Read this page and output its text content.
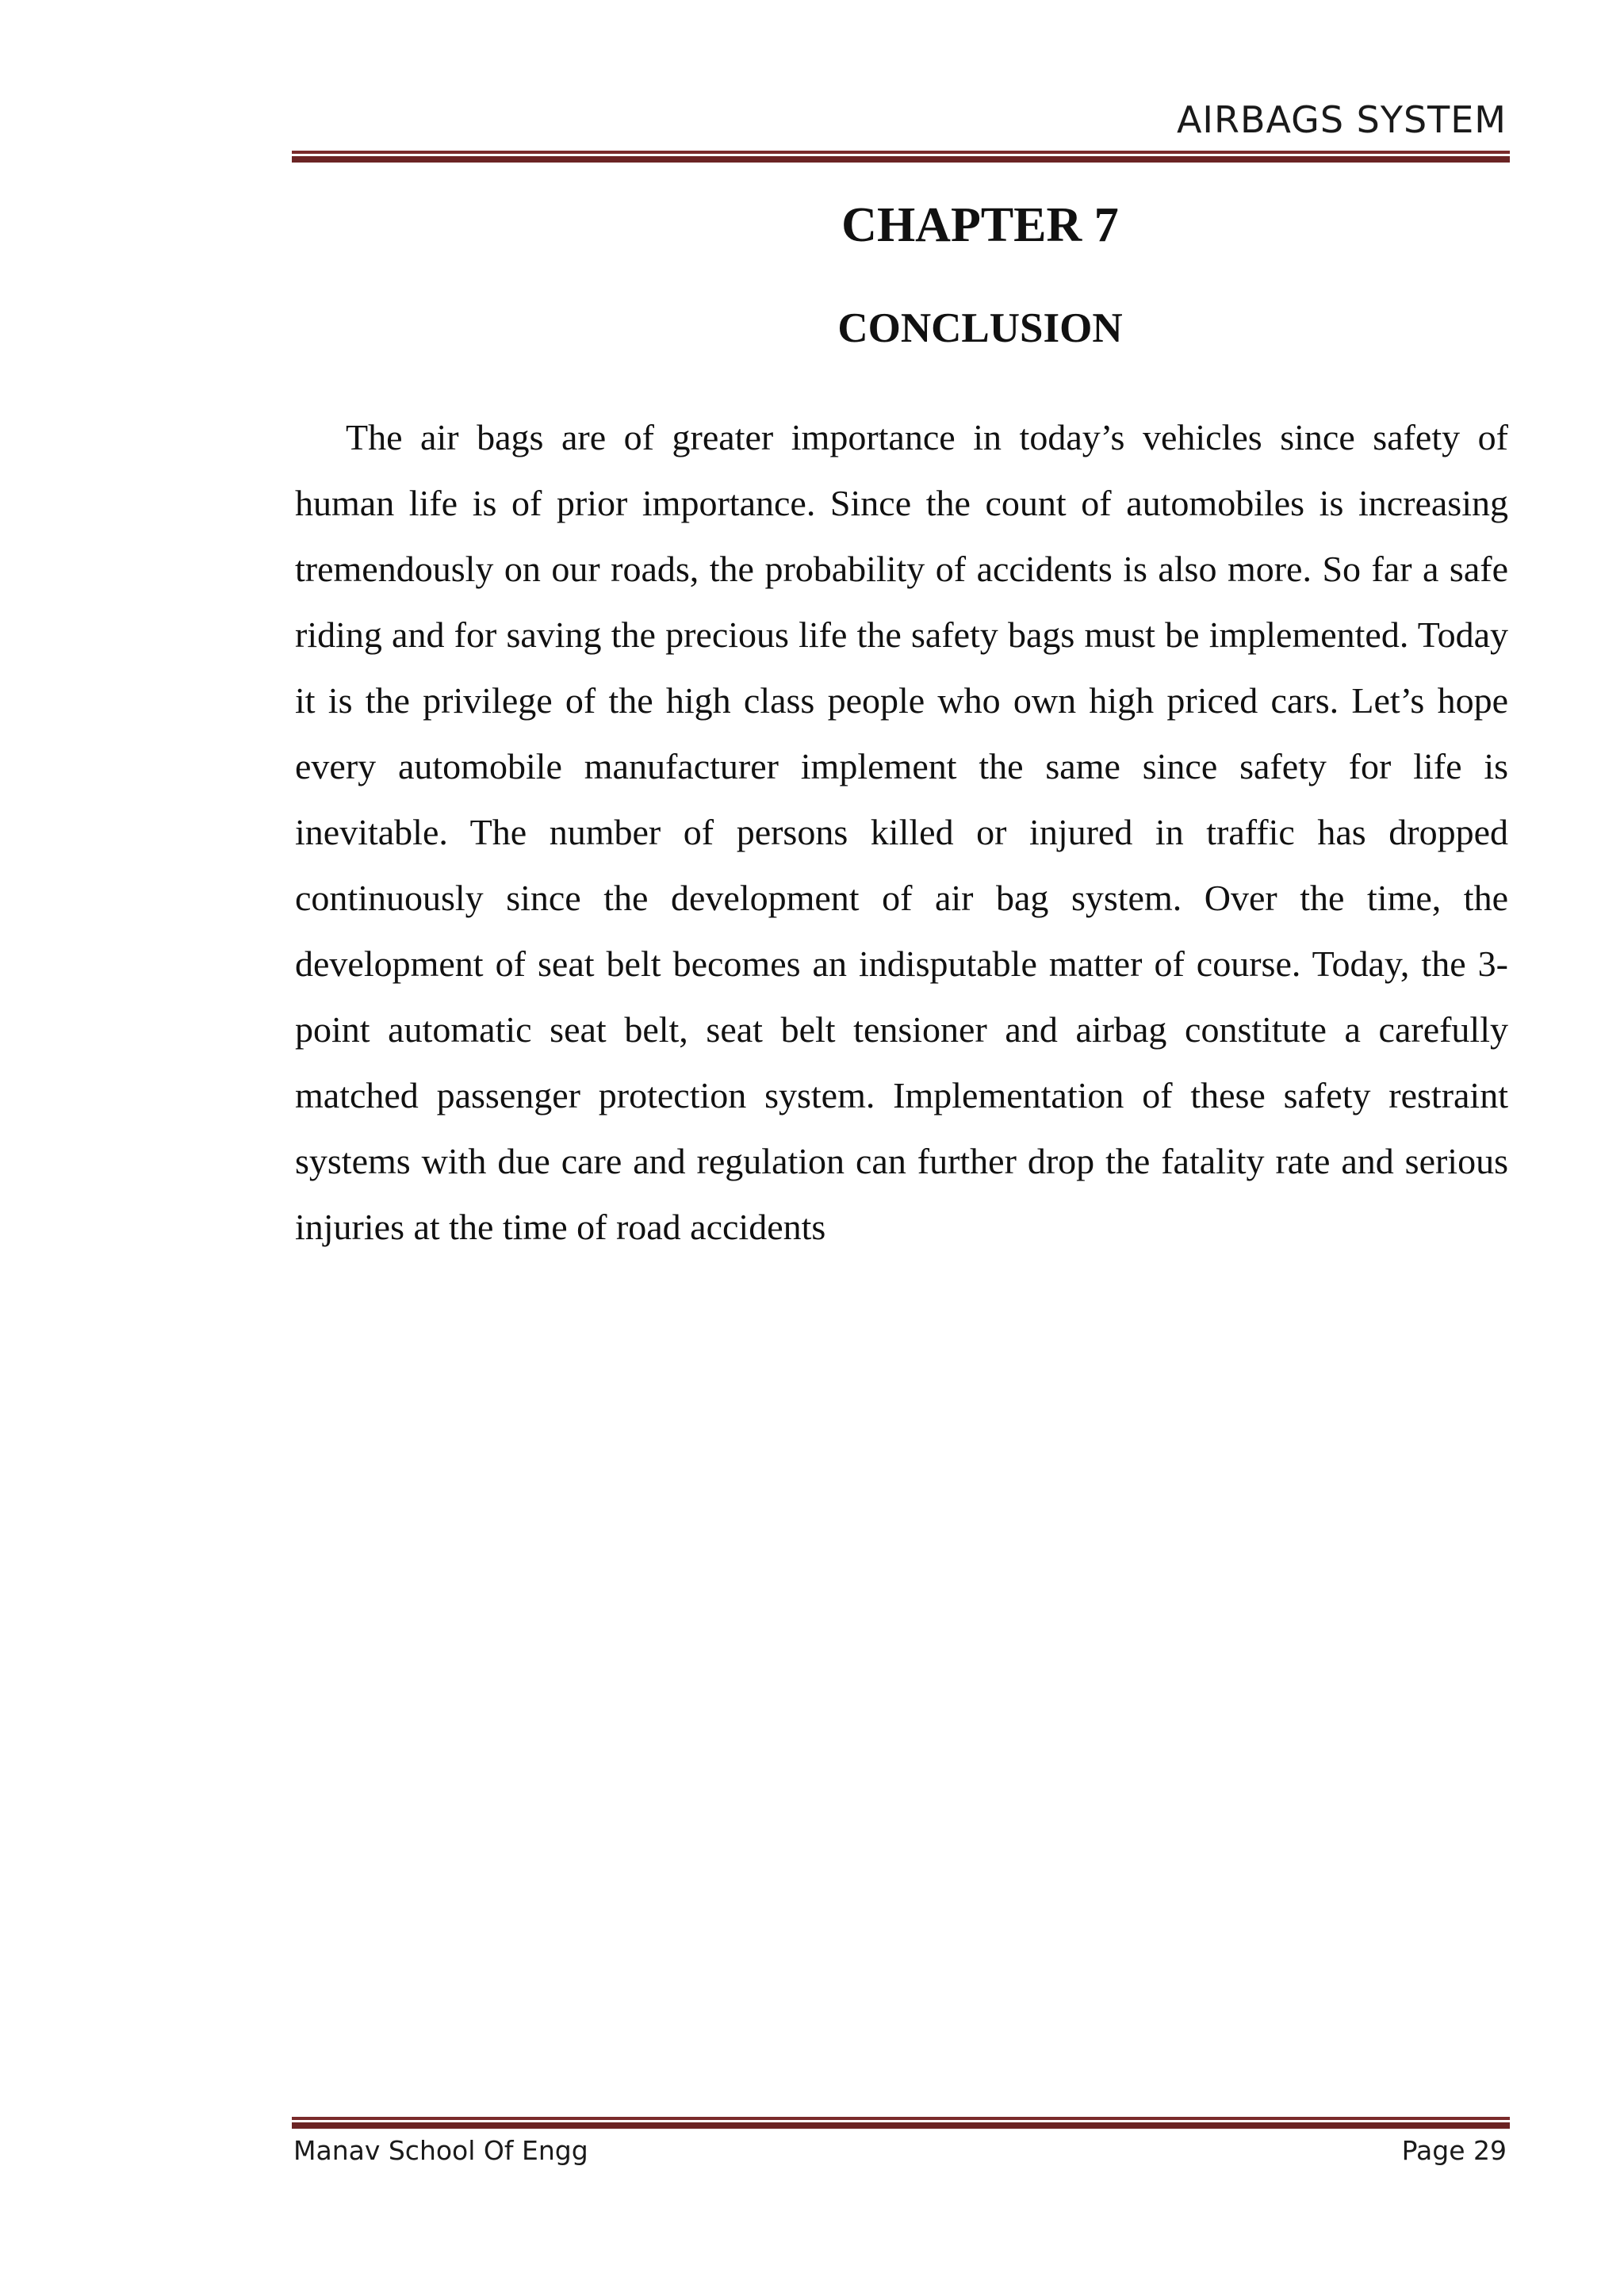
AIRBAGS SYSTEM
CHAPTER 7
CONCLUSION

The air bags are of greater importance in today’s vehicles since safety of human life is of prior importance. Since the count of automobiles is increasing tremendously on our roads, the probability of accidents is also more. So far a safe riding and for saving the precious life the safety bags must be implemented. Today it is the privilege of the high class people who own high priced cars. Let’s hope every automobile manufacturer implement the same since safety for life is inevitable. The number of persons killed or injured in traffic has dropped continuously since the development of air bag system. Over the time, the development of seat belt becomes an indisputable matter of course. Today, the 3-point automatic seat belt, seat belt tensioner and airbag constitute a carefully matched passenger protection system. Implementation of these safety restraint systems with due care and regulation can further drop the fatality rate and serious injuries at the time of road accidents

Manav School Of Engg	Page 29
